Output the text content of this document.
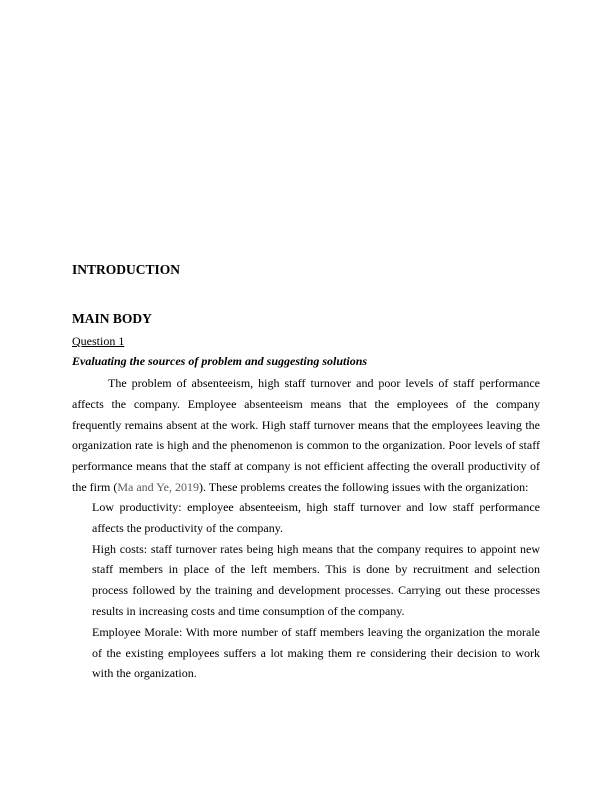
INTRODUCTION
MAIN BODY

Question 1

Evaluating the sources of problem and suggesting solutions

The problem of absenteeism, high staff turnover and poor levels of staff performance affects the company. Employee absenteeism means that the employees of the company frequently remains absent at the work. High staff turnover means that the employees leaving the organization rate is high and the phenomenon is common to the organization. Poor levels of staff performance means that the staff at company is not efficient affecting the overall productivity of the firm (Ma and Ye, 2019). These problems creates the following issues with the organization:

Low productivity: employee absenteeism, high staff turnover and low staff performance affects the productivity of the company.
High costs: staff turnover rates being high means that the company requires to appoint new staff members in place of the left members. This is done by recruitment and selection process followed by the training and development processes. Carrying out these processes results in increasing costs and time consumption of the company.
Employee Morale: With more number of staff members leaving the organization the morale of the existing employees suffers a lot making them re considering their decision to work with the organization.
